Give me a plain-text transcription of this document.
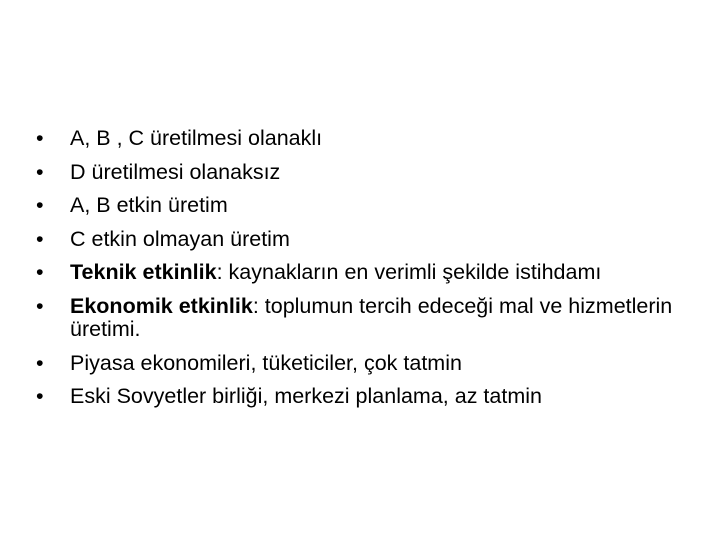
•	A, B , C üretilmesi olanaklı
•	D üretilmesi olanaksız
•	A, B etkin üretim
•	C etkin olmayan üretim
•	Teknik etkinlik: kaynakların en verimli şekilde istihdamı
•	Ekonomik etkinlik: toplumun tercih edeceği mal ve hizmetlerin üretimi.
•	Piyasa ekonomileri, tüketiciler, çok tatmin
•	Eski Sovyetler birliği, merkezi planlama, az tatmin
